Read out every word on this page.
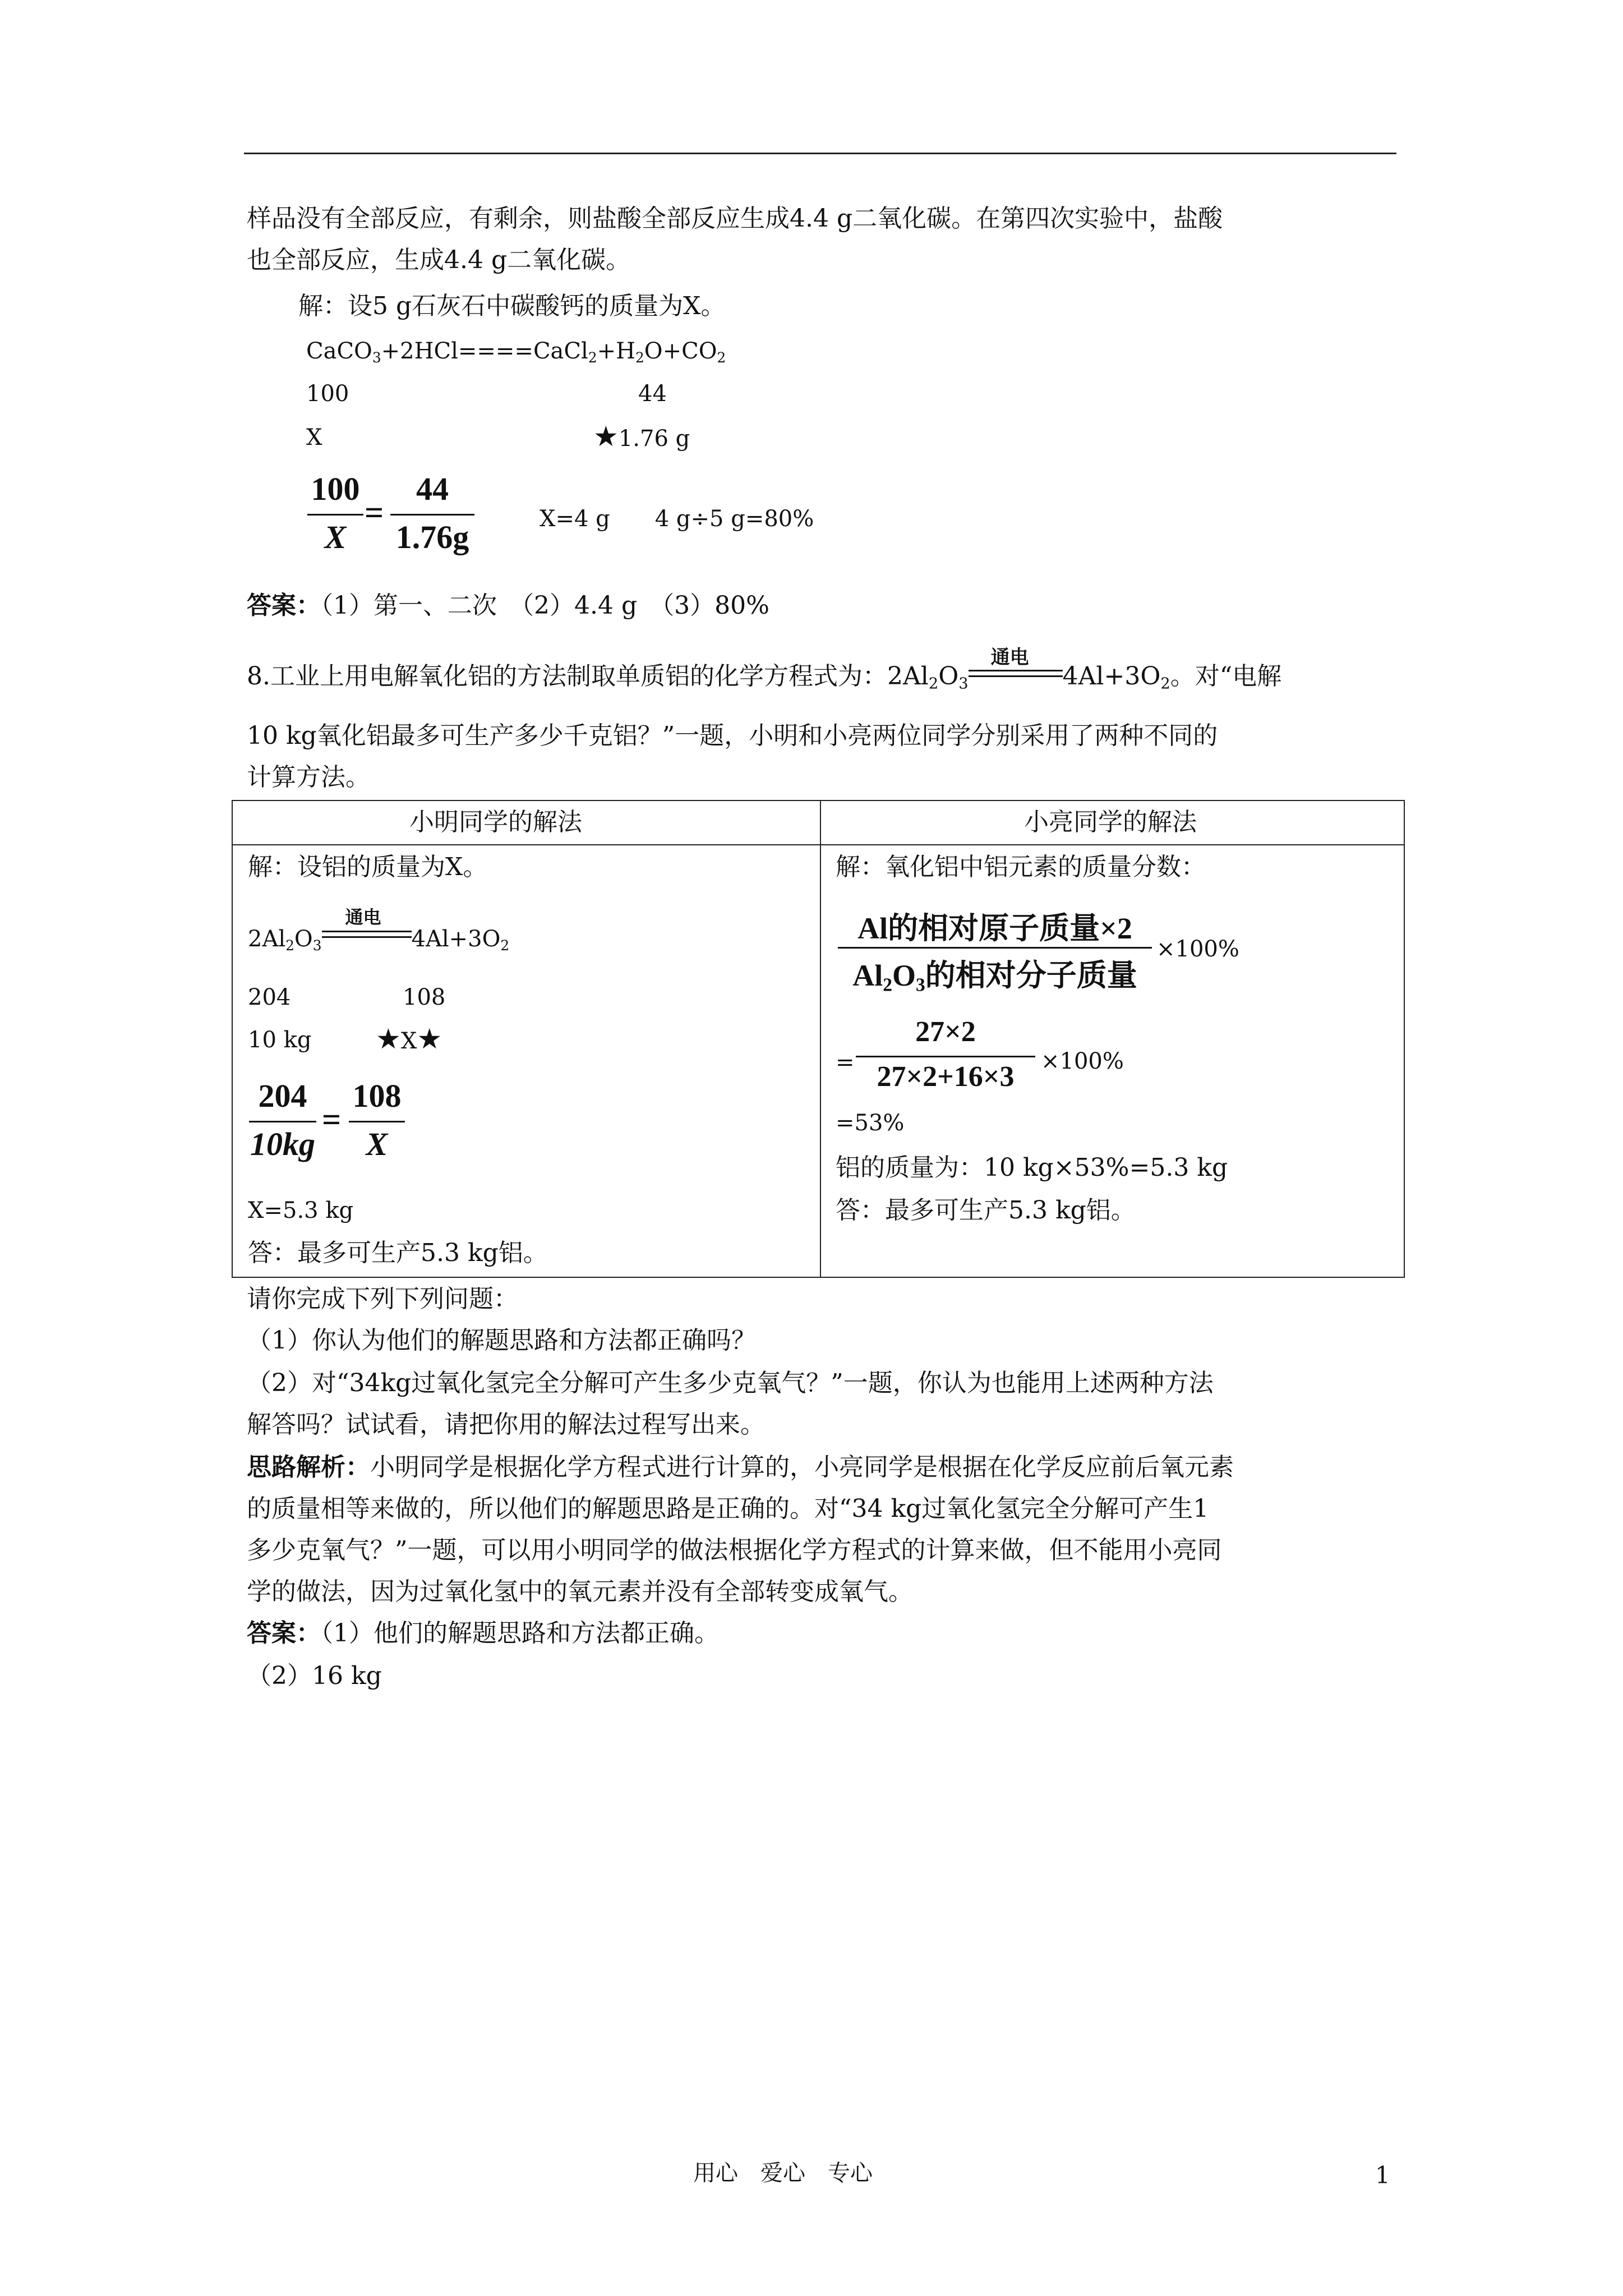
样品没有全部反应，有剩余，则盐酸全部反应生成4.4 g二氧化碳。在第四次实验中，盐酸
也全部反应，生成4.4 g二氧化碳。
解：设5 g石灰石中碳酸钙的质量为X。
$CaCO_3+2HCl====CaCl_2+H_2O+CO_2$
100	44
X	★1.76 g
100
X
=
44
1.76g	X=4 g　　4 g÷5 g=80%
答案：（1）第一、二次　（2）4.4 g　（3）80%
8.工业上用电解氧化铝的方法制取单质铝的化学方程式为：$2Al_2O_3$
通电
$4Al+3O_2$。对“电解
10 kg氧化铝最多可生产多少千克铝？”一题，小明和小亮两位同学分别采用了两种不同的
计算方法。
小明同学的解法	小亮同学的解法
解：设铝的质量为X。
$2Al_2O_3$
通电
$4Al+3O_2$
204	108
10 kg ★X★
204
10kg
=
108
X
X=5.3 kg
答：最多可生产5.3 kg铝。
解：氧化铝中铝元素的质量分数：
Al的相对原子质量×2
$Al_2O_3$的相对分子质量
×100%
=
27×2
27×2+16×3	×100%
=53%
铝的质量为：10 kg×53%=5.3 kg
答：最多可生产5.3 kg铝。
请你完成下列下列问题：
（1）你认为他们的解题思路和方法都正确吗？
（2）对“34kg过氧化氢完全分解可产生多少克氧气？”一题，你认为也能用上述两种方法
解答吗？试试看，请把你用的解法过程写出来。
思路解析：小明同学是根据化学方程式进行计算的，小亮同学是根据在化学反应前后氧元素
的质量相等来做的，所以他们的解题思路是正确的。对“34 kg过氧化氢完全分解可产生1
多少克氧气？”一题，可以用小明同学的做法根据化学方程式的计算来做，但不能用小亮同
学的做法，因为过氧化氢中的氧元素并没有全部转变成氧气。
答案：（1）他们的解题思路和方法都正确。
（2）16 kg
用心　爱心　专心	1
